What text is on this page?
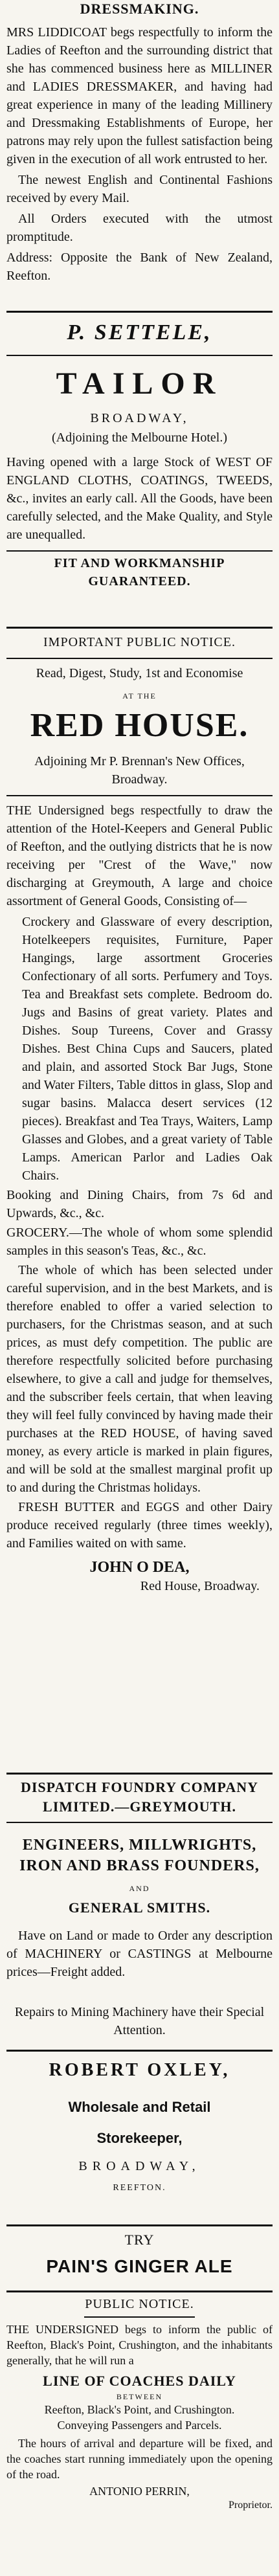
DRESSMAKING.

MRS LIDDICOAT begs respectfully to inform the Ladies of Reefton and the surrounding district that she has commenced business here as MILLINER and LADIES DRESSMAKER, and having had great experience in many of the leading Millinery and Dressmaking Establishments of Europe, her patrons may rely upon the fullest satisfaction being given in the execution of all work entrusted to her.

The newest English and Continental Fashions received by every Mail.

All Orders executed with the utmost promptitude.

Address: Opposite the Bank of New Zealand, Reefton.

P. SETTELE,
TAILOR
BROADWAY,
(Adjoining the Melbourne Hotel.)

Having opened with a large Stock of WEST OF ENGLAND CLOTHS, COATINGS, TWEEDS, &c., invites an early call. All the Goods, have been carefully selected, and the Make Quality, and Style are unequalled.

FIT AND WORKMANSHIP GUARANTEED.
IMPORTANT PUBLIC NOTICE.
Read, Digest, Study, 1st and Economise
AT THE
RED HOUSE.
Adjoining Mr P. Brennan's New Offices, Broadway.

THE Undersigned begs respectfully to draw the attention of the Hotel-Keepers and General Public of Reefton, and the outlying districts that he is now receiving per "Crest of the Wave," now discharging at Greymouth, A large and choice assortment of General Goods, Consisting of—

Crockery and Glassware of every description, Hotelkeepers requisites, Furniture, Paper Hangings, large assortment Groceries Confectionary of all sorts. Perfumery and Toys. Tea and Breakfast sets complete. Bedroom do. Jugs and Basins of great variety. Plates and Dishes. Soup Tureens, Cover and Grassy Dishes. Best China Cups and Saucers, plated and plain, and assorted Stock Bar Jugs, Stone and Water Filters, Table dittos in glass, Slop and sugar basins. Malacca desert services (12 pieces). Breakfast and Tea Trays, Waiters, Lamp Glasses and Globes, and a great variety of Table Lamps. American Parlor and Ladies Oak Chairs.

Booking and Dining Chairs, from 7s 6d and Upwards, &c., &c.

GROCERY.—The whole of whom some splendid samples in this season's Teas, &c., &c.

The whole of which has been selected under careful supervision, and in the best Markets, and is therefore enabled to offer a varied selection to purchasers, for the Christmas season, and at such prices, as must defy competition. The public are therefore respectfully solicited before purchasing elsewhere, to give a call and judge for themselves, and the subscriber feels certain, that when leaving they will feel fully convinced by having made their purchases at the RED HOUSE, of having saved money, as every article is marked in plain figures, and will be sold at the smallest marginal profit up to and during the Christmas holidays.

FRESH BUTTER and EGGS and other Dairy produce received regularly (three times weekly), and Families waited on with same.

JOHN O DEA,
Red House, Broadway.
DISPATCH FOUNDRY COMPANY LIMITED.—GREYMOUTH.
ENGINEERS, MILLWRIGHTS, IRON AND BRASS FOUNDERS,
AND
GENERAL SMITHS.

Have on Land or made to Order any description of MACHINERY or CASTINGS at Melbourne prices—Freight added.

Repairs to Mining Machinery have their Special Attention.

ROBERT OXLEY,
Wholesale and Retail
Storekeeper,
BROADWAY,
REEFTON.
TRY
PAIN'S GINGER ALE
PUBLIC NOTICE.

THE UNDERSIGNED begs to inform the public of Reefton, Black's Point, Crushington, and the inhabitants generally, that he will run a

LINE OF COACHES DAILY
BETWEEN
Reefton, Black's Point, and Crushington.
Conveying Passengers and Parcels.

The hours of arrival and departure will be fixed, and the coaches start running immediately upon the opening of the road.

ANTONIO PERRIN,
Proprietor.
